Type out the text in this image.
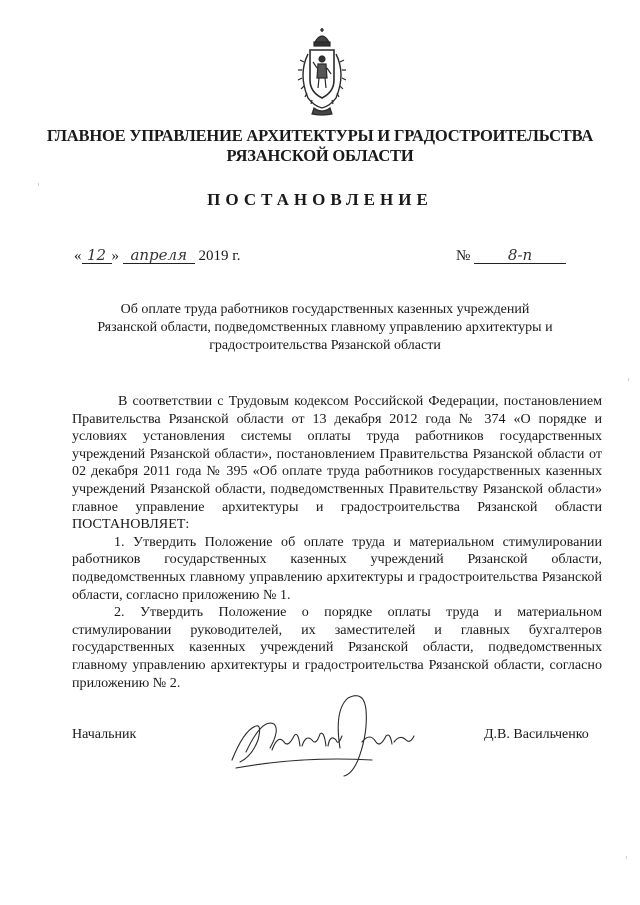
ГЛАВНОЕ УПРАВЛЕНИЕ АРХИТЕКТУРЫ И ГРАДОСТРОИТЕЛЬСТВА
РЯЗАНСКОЙ ОБЛАСТИ
ПОСТАНОВЛЕНИЕ
« 12 » апреля 2019 г.	№	8-п
Об оплате труда работников государственных казенных учреждений Рязанской области, подведомственных главному управлению архитектуры и градостроительства Рязанской области

В соответствии с Трудовым кодексом Российской Федерации, постановлением Правительства Рязанской области от 13 декабря 2012 года № 374 «О порядке и условиях установления системы оплаты труда работников государственных учреждений Рязанской области», постановлением Правительства Рязанской области от 02 декабря 2011 года № 395 «Об оплате труда работников государственных казенных учреждений Рязанской области, подведомственных Правительству Рязанской области» главное управление архитектуры и градостроительства Рязанской области ПОСТАНОВЛЯЕТ:

1. Утвердить Положение об оплате труда и материальном стимулировании работников государственных казенных учреждений Рязанской области, подведомственных главному управлению архитектуры и градостроительства Рязанской области, согласно приложению № 1.

2. Утвердить Положение о порядке оплаты труда и материальном стимулировании руководителей, их заместителей и главных бухгалтеров государственных казенных учреждений Рязанской области, подведомственных главному управлению архитектуры и градостроительства Рязанской области, согласно приложению № 2.

Начальник	Д.В. Васильченко
